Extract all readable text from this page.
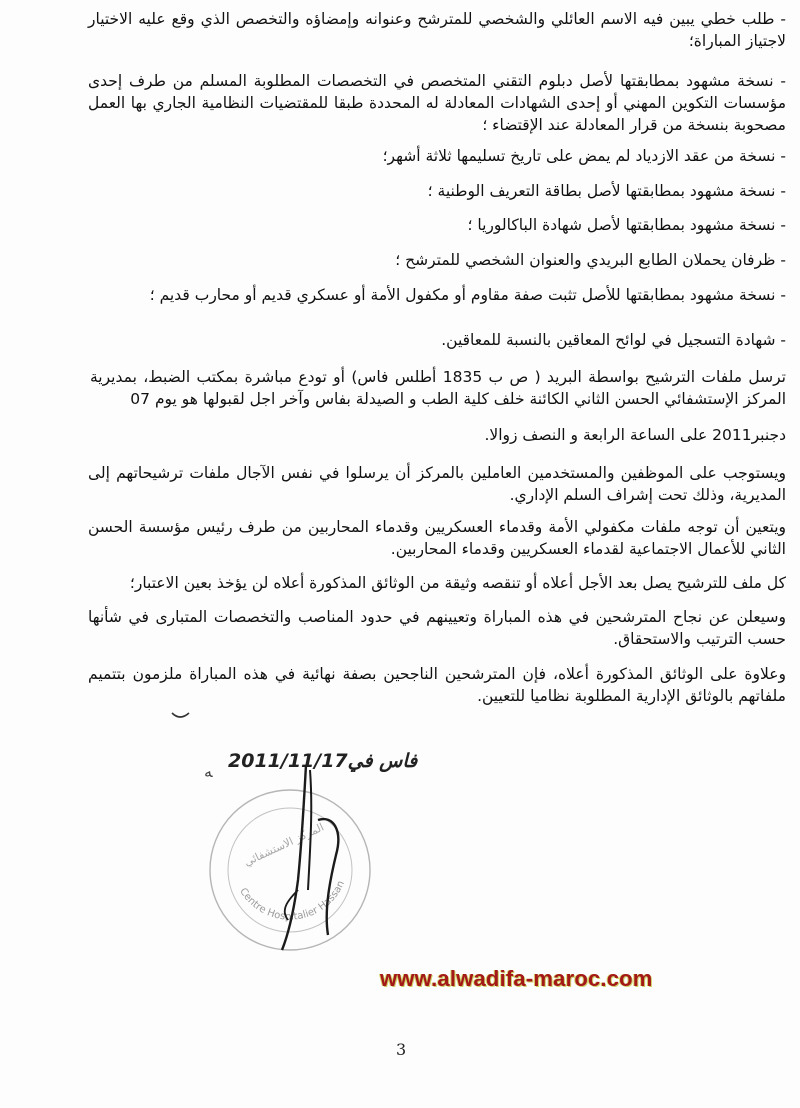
- طلب خطي يبين فيه الاسم العائلي والشخصي للمترشح وعنوانه وإمضاؤه والتخصص الذي وقع عليه الاختيار لاجتياز المباراة؛

- نسخة مشهود بمطابقتها لأصل دبلوم التقني المتخصص في التخصصات المطلوبة المسلم من طرف إحدى مؤسسات التكوين المهني أو إحدى الشهادات المعادلة له المحددة طبقا للمقتضيات النظامية الجاري بها العمل مصحوبة بنسخة من قرار المعادلة عند الإقتضاء ؛

- نسخة من عقد الازدياد لم يمض على تاريخ تسليمها ثلاثة أشهر؛

- نسخة مشهود بمطابقتها لأصل بطاقة التعريف الوطنية ؛

- نسخة مشهود بمطابقتها لأصل شهادة الباكالوريا ؛

- ظرفان يحملان الطابع البريدي والعنوان الشخصي للمترشح ؛

- نسخة مشهود بمطابقتها للأصل تثبت صفة مقاوم أو مكفول الأمة أو عسكري قديم أو محارب قديم ؛

- شهادة التسجيل في لوائح المعاقين بالنسبة للمعاقين.

ترسل ملفات الترشيح بواسطة البريد ( ص ب 1835 أطلس فاس) أو تودع مباشرة بمكتب الضبط، بمديرية المركز الإستشفائي الحسن الثاني الكائنة خلف كلية الطب و الصيدلة بفاس وآخر اجل لقبولها هو يوم 07

دجنبر2011 على الساعة الرابعة و النصف زوالا.

ويستوجب على الموظفين والمستخدمين العاملين بالمركز أن يرسلوا في نفس الآجال ملفات ترشيحاتهم إلى المديرية، وذلك تحت إشراف السلم الإداري.

ويتعين أن توجه ملفات مكفولي الأمة وقدماء العسكريين وقدماء المحاربين من طرف رئيس مؤسسة الحسن الثاني للأعمال الاجتماعية لقدماء العسكريين وقدماء المحاربين.

كل ملف للترشيح يصل بعد الأجل أعلاه أو تنقصه وثيقة من الوثائق المذكورة أعلاه لن يؤخذ بعين الاعتبار؛

وسيعلن عن نجاح المترشحين في هذه المباراة وتعيينهم في حدود المناصب والتخصصات المتبارى في شأنها حسب الترتيب والاستحقاق.

وعلاوة على الوثائق المذكورة أعلاه، فإن المترشحين الناجحين بصفة نهائية في هذه المباراة ملزمون بتتميم ملفاتهم بالوثائق الإدارية المطلوبة نظاميا للتعيين.

فاس في2011/11/17
ﻪ
Centre Hospitalier Hassan
المركز الاستشفائي
www.alwadifa-maroc.com
3
